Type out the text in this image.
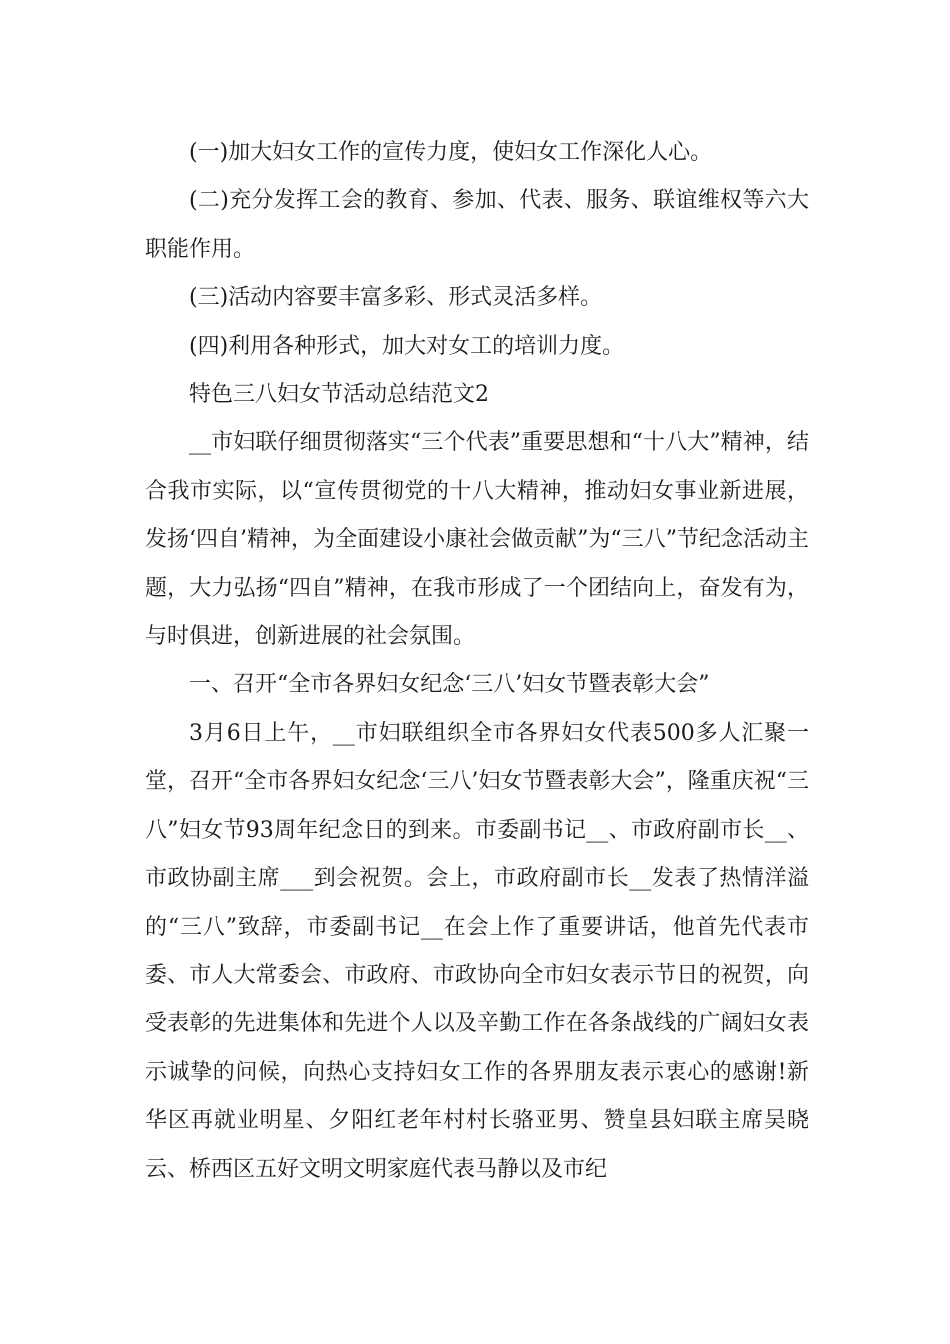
(一)加大妇女工作的宣传力度，使妇女工作深化人心。

(二)充分发挥工会的教育、参加、代表、服务、联谊维权等六大职能作用。

(三)活动内容要丰富多彩、形式灵活多样。

(四)利用各种形式，加大对女工的培训力度。

特色三八妇女节活动总结范文2

__市妇联仔细贯彻落实“三个代表”重要思想和“十八大”精神，结合我市实际，以“宣传贯彻党的十八大精神，推动妇女事业新进展，发扬‘四自’精神，为全面建设小康社会做贡献”为“三八”节纪念活动主题，大力弘扬“四自”精神，在我市形成了一个团结向上，奋发有为，与时俱进，创新进展的社会氛围。

一、召开“全市各界妇女纪念‘三八’妇女节暨表彰大会”

3月6日上午，__市妇联组织全市各界妇女代表500多人汇聚一堂，召开“全市各界妇女纪念‘三八’妇女节暨表彰大会”，隆重庆祝“三八”妇女节93周年纪念日的到来。市委副书记__、市政府副市长__、市政协副主席___到会祝贺。会上，市政府副市长__发表了热情洋溢的“三八”致辞，市委副书记__在会上作了重要讲话，他首先代表市委、市人大常委会、市政府、市政协向全市妇女表示节日的祝贺，向受表彰的先进集体和先进个人以及辛勤工作在各条战线的广阔妇女表示诚挚的问候，向热心支持妇女工作的各界朋友表示衷心的感谢!新华区再就业明星、夕阳红老年村村长骆亚男、赞皇县妇联主席吴晓云、桥西区五好文明文明家庭代表马静以及市纪
